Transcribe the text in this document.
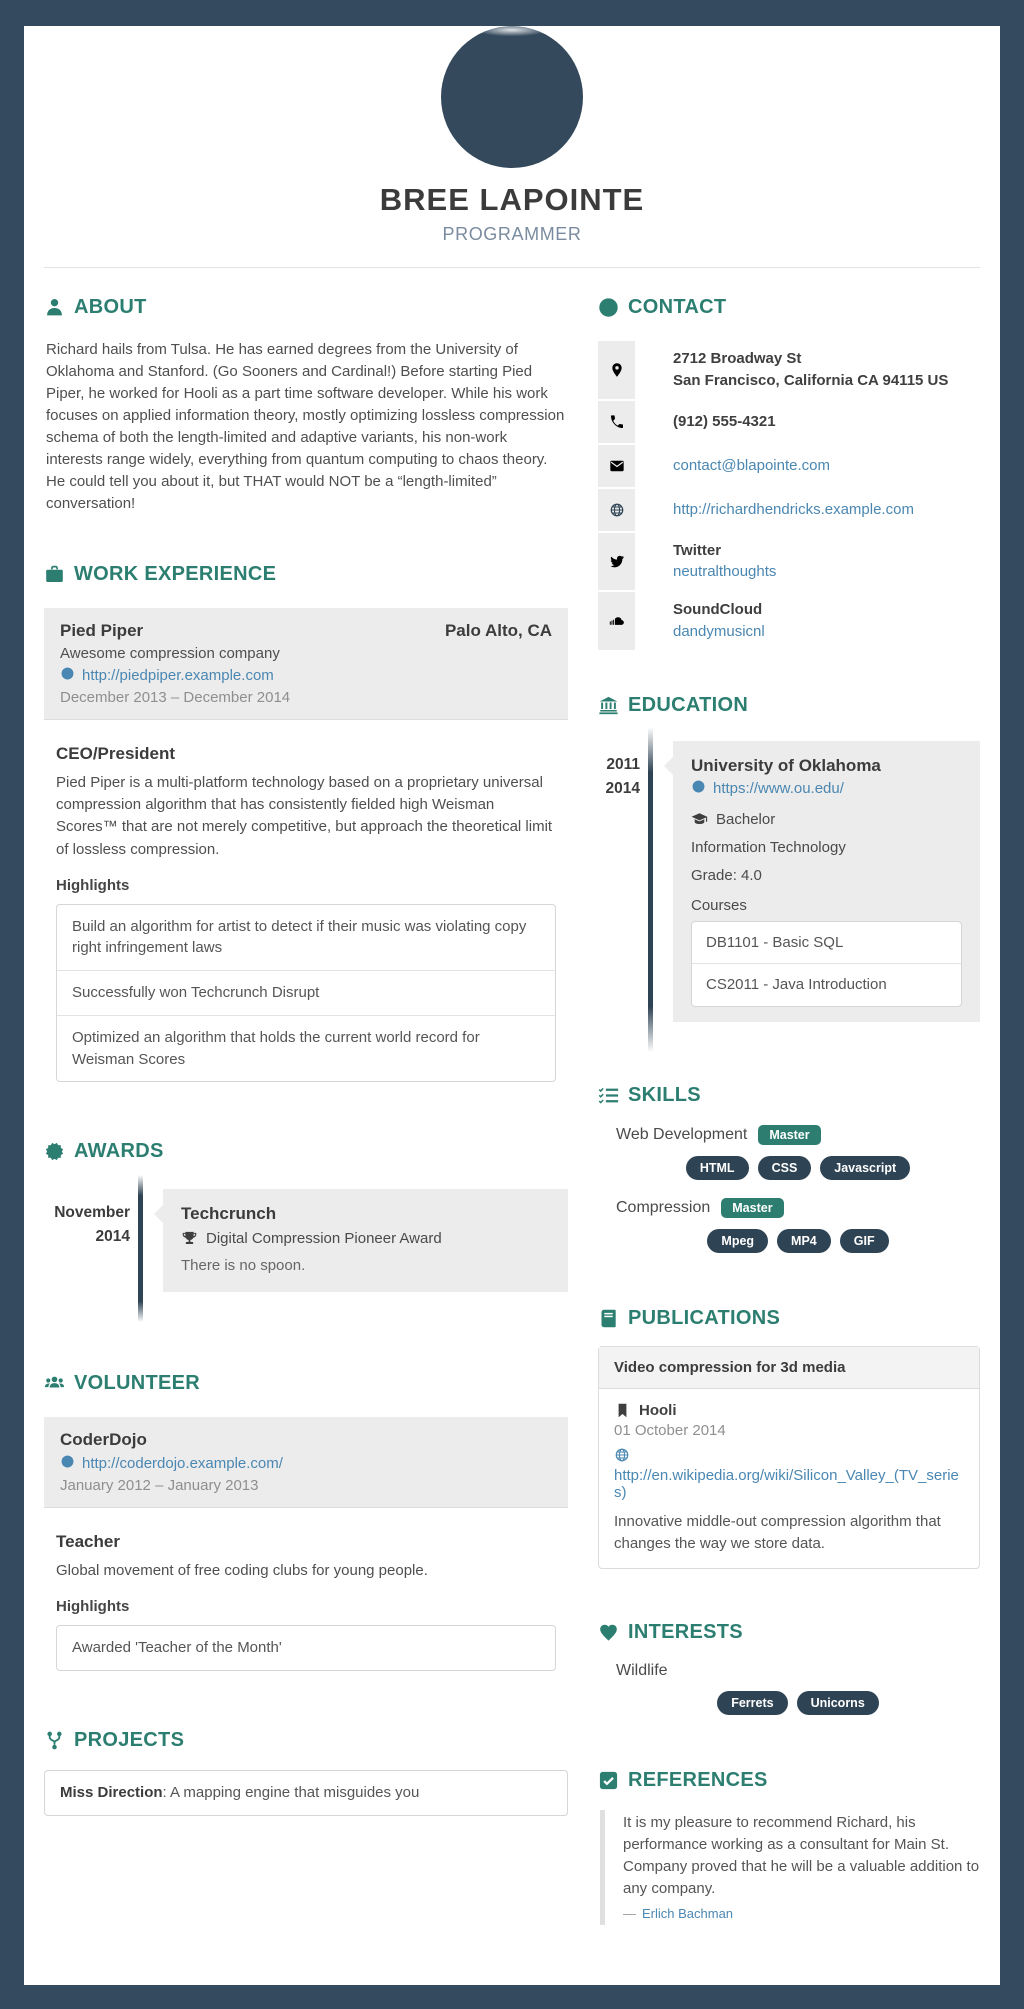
BREE LAPOINTE
PROGRAMMER
ABOUT

Richard hails from Tulsa. He has earned degrees from the University of Oklahoma and Stanford. (Go Sooners and Cardinal!) Before starting Pied Piper, he worked for Hooli as a part time software developer. While his work focuses on applied information theory, mostly optimizing lossless compression schema of both the length-limited and adaptive variants, his non-work interests range widely, everything from quantum computing to chaos theory. He could tell you about it, but THAT would NOT be a “length-limited” conversation!

WORK EXPERIENCE
Pied Piper	Palo Alto, CA
Awesome compression company
http://piedpiper.example.com
December 2013 – December 2014
CEO/President

Pied Piper is a multi-platform technology based on a proprietary universal compression algorithm that has consistently fielded high Weisman Scores™ that are not merely competitive, but approach the theoretical limit of lossless compression.

Highlights
Build an algorithm for artist to detect if their music was violating copy right infringement laws
Successfully won Techcrunch Disrupt
Optimized an algorithm that holds the current world record for Weisman Scores
AWARDS
November 2014
Techcrunch
Digital Compression Pioneer Award
There is no spoon.
VOLUNTEER
CoderDojo
http://coderdojo.example.com/
January 2012 – January 2013
Teacher

Global movement of free coding clubs for young people.

Highlights
Awarded 'Teacher of the Month'
PROJECTS
Miss Direction: A mapping engine that misguides you
CONTACT
2712 Broadway St
San Francisco, California CA 94115 US
(912) 555-4321
contact@blapointe.com
http://richardhendricks.example.com
Twitter
neutralthoughts
SoundCloud
dandymusicnl
EDUCATION
2011
2014
University of Oklahoma
https://www.ou.edu/
Bachelor
Information Technology
Grade: 4.0
Courses
DB1101 - Basic SQL
CS2011 - Java Introduction
SKILLS
Web Development	Master
HTML	CSS	Javascript
Compression	Master
Mpeg	MP4	GIF
PUBLICATIONS
Video compression for 3d media
Hooli
01 October 2014
http://en.wikipedia.org/wiki/Silicon_Valley_(TV_series)

Innovative middle-out compression algorithm that changes the way we store data.

INTERESTS
Wildlife
Ferrets	Unicorns
REFERENCES
It is my pleasure to recommend Richard, his performance working as a consultant for Main St. Company proved that he will be a valuable addition to any company.
— Erlich Bachman
